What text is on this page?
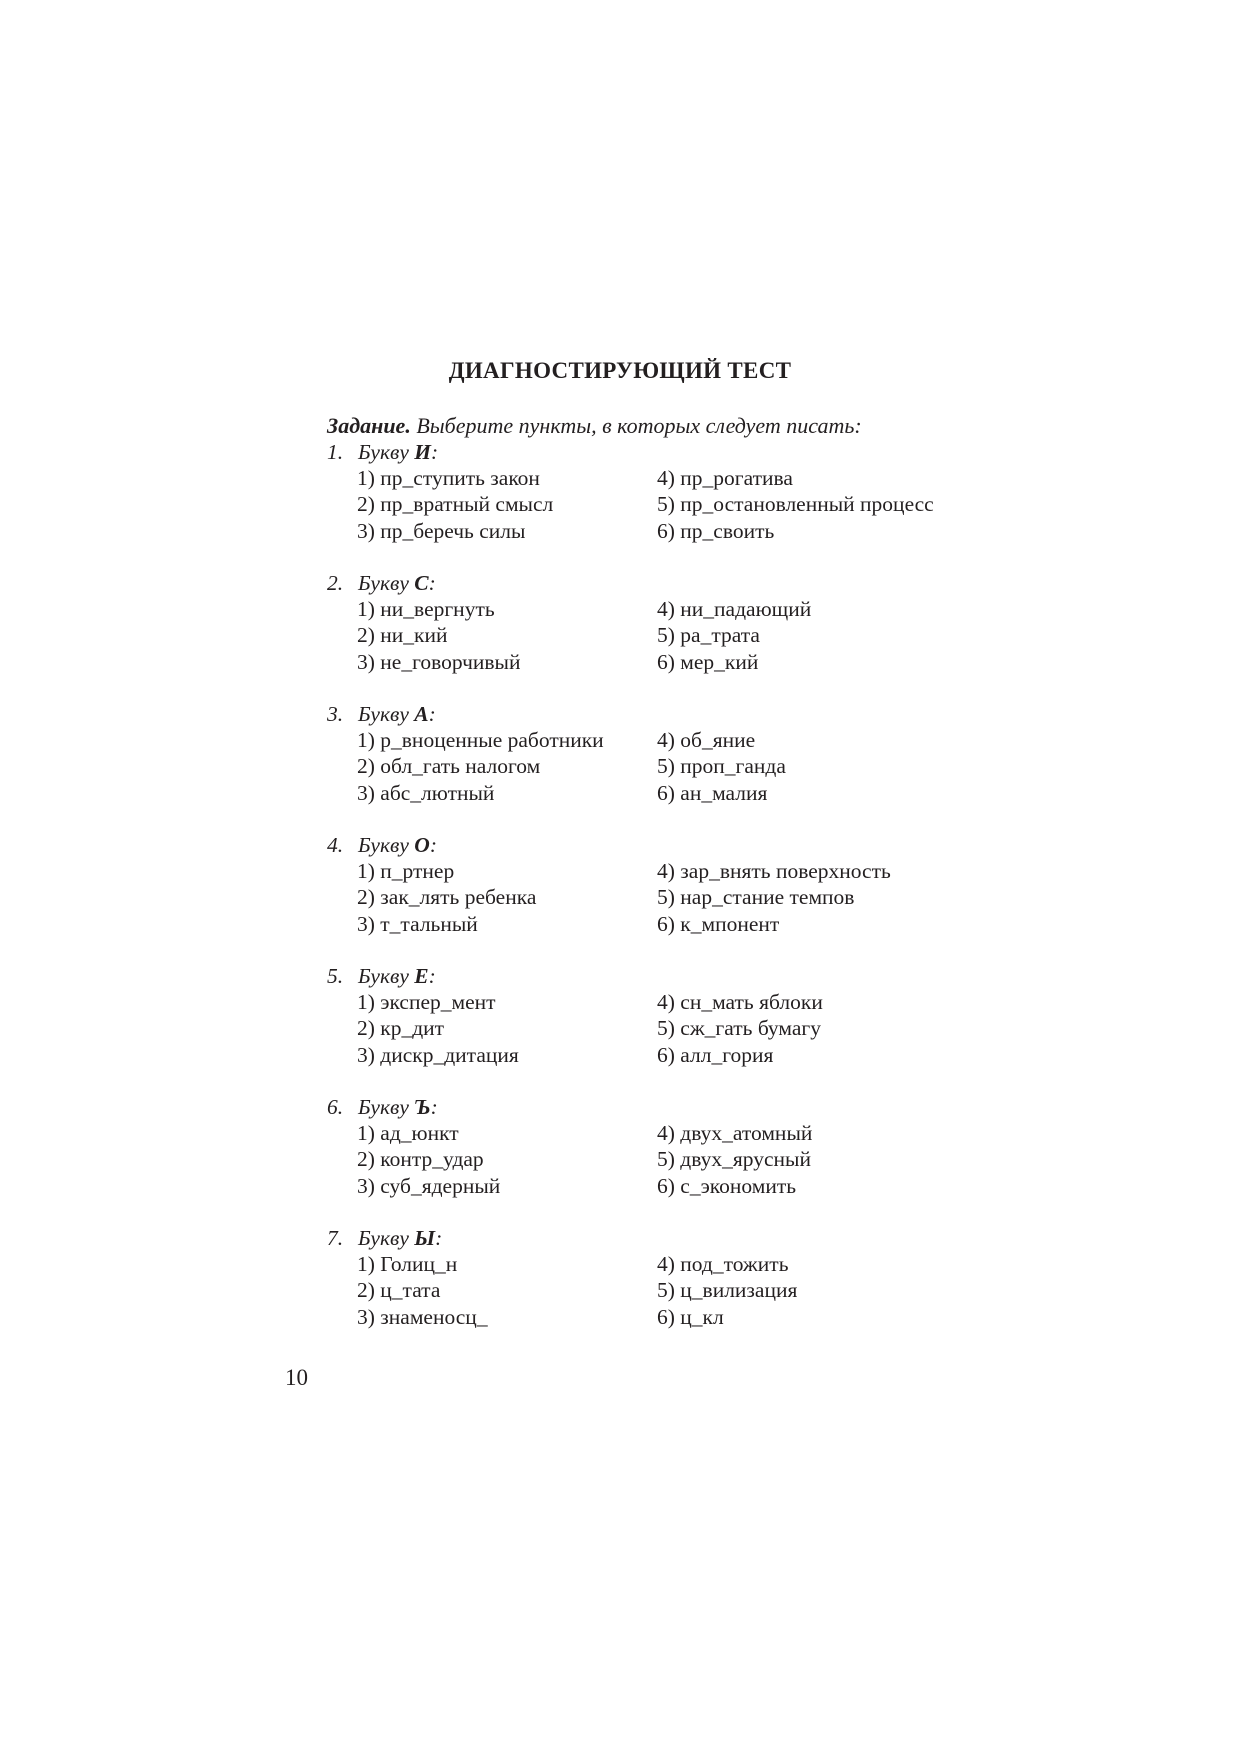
ДИАГНОСТИРУЮЩИЙ ТЕСТ
Задание. Выберите пункты, в которых следует писать:
1. Букву И:
1) пр_ступить закон	4) пр_рогатива
2) пр_вратный смысл	5) пр_остановленный процесс
3) пр_беречь силы	6) пр_своить
2. Букву С:
1) ни_вергнуть	4) ни_падающий
2) ни_кий	5) ра_трата
3) не_говорчивый	6) мер_кий
3. Букву А:
1) р_вноценные работники 4) об_яние
2) обл_гать налогом	5) проп_ганда
3) абс_лютный	6) ан_малия
4. Букву О:
1) п_ртнер	4) зар_внять поверхность
2) зак_лять ребенка	5) нар_стание темпов
3) т_тальный	6) к_мпонент
5. Букву Е:
1) экспер_мент	4) сн_мать яблоки
2) кр_дит	5) сж_гать бумагу
3) дискр_дитация	6) алл_гория
6. Букву Ъ:
1) ад_юнкт	4) двух_атомный
2) контр_удар	5) двух_ярусный
3) суб_ядерный	6) с_экономить
7. Букву Ы:
1) Голиц_н	4) под_тожить
2) ц_тата	5) ц_вилизация
3) знаменосц_	6) ц_кл
10
